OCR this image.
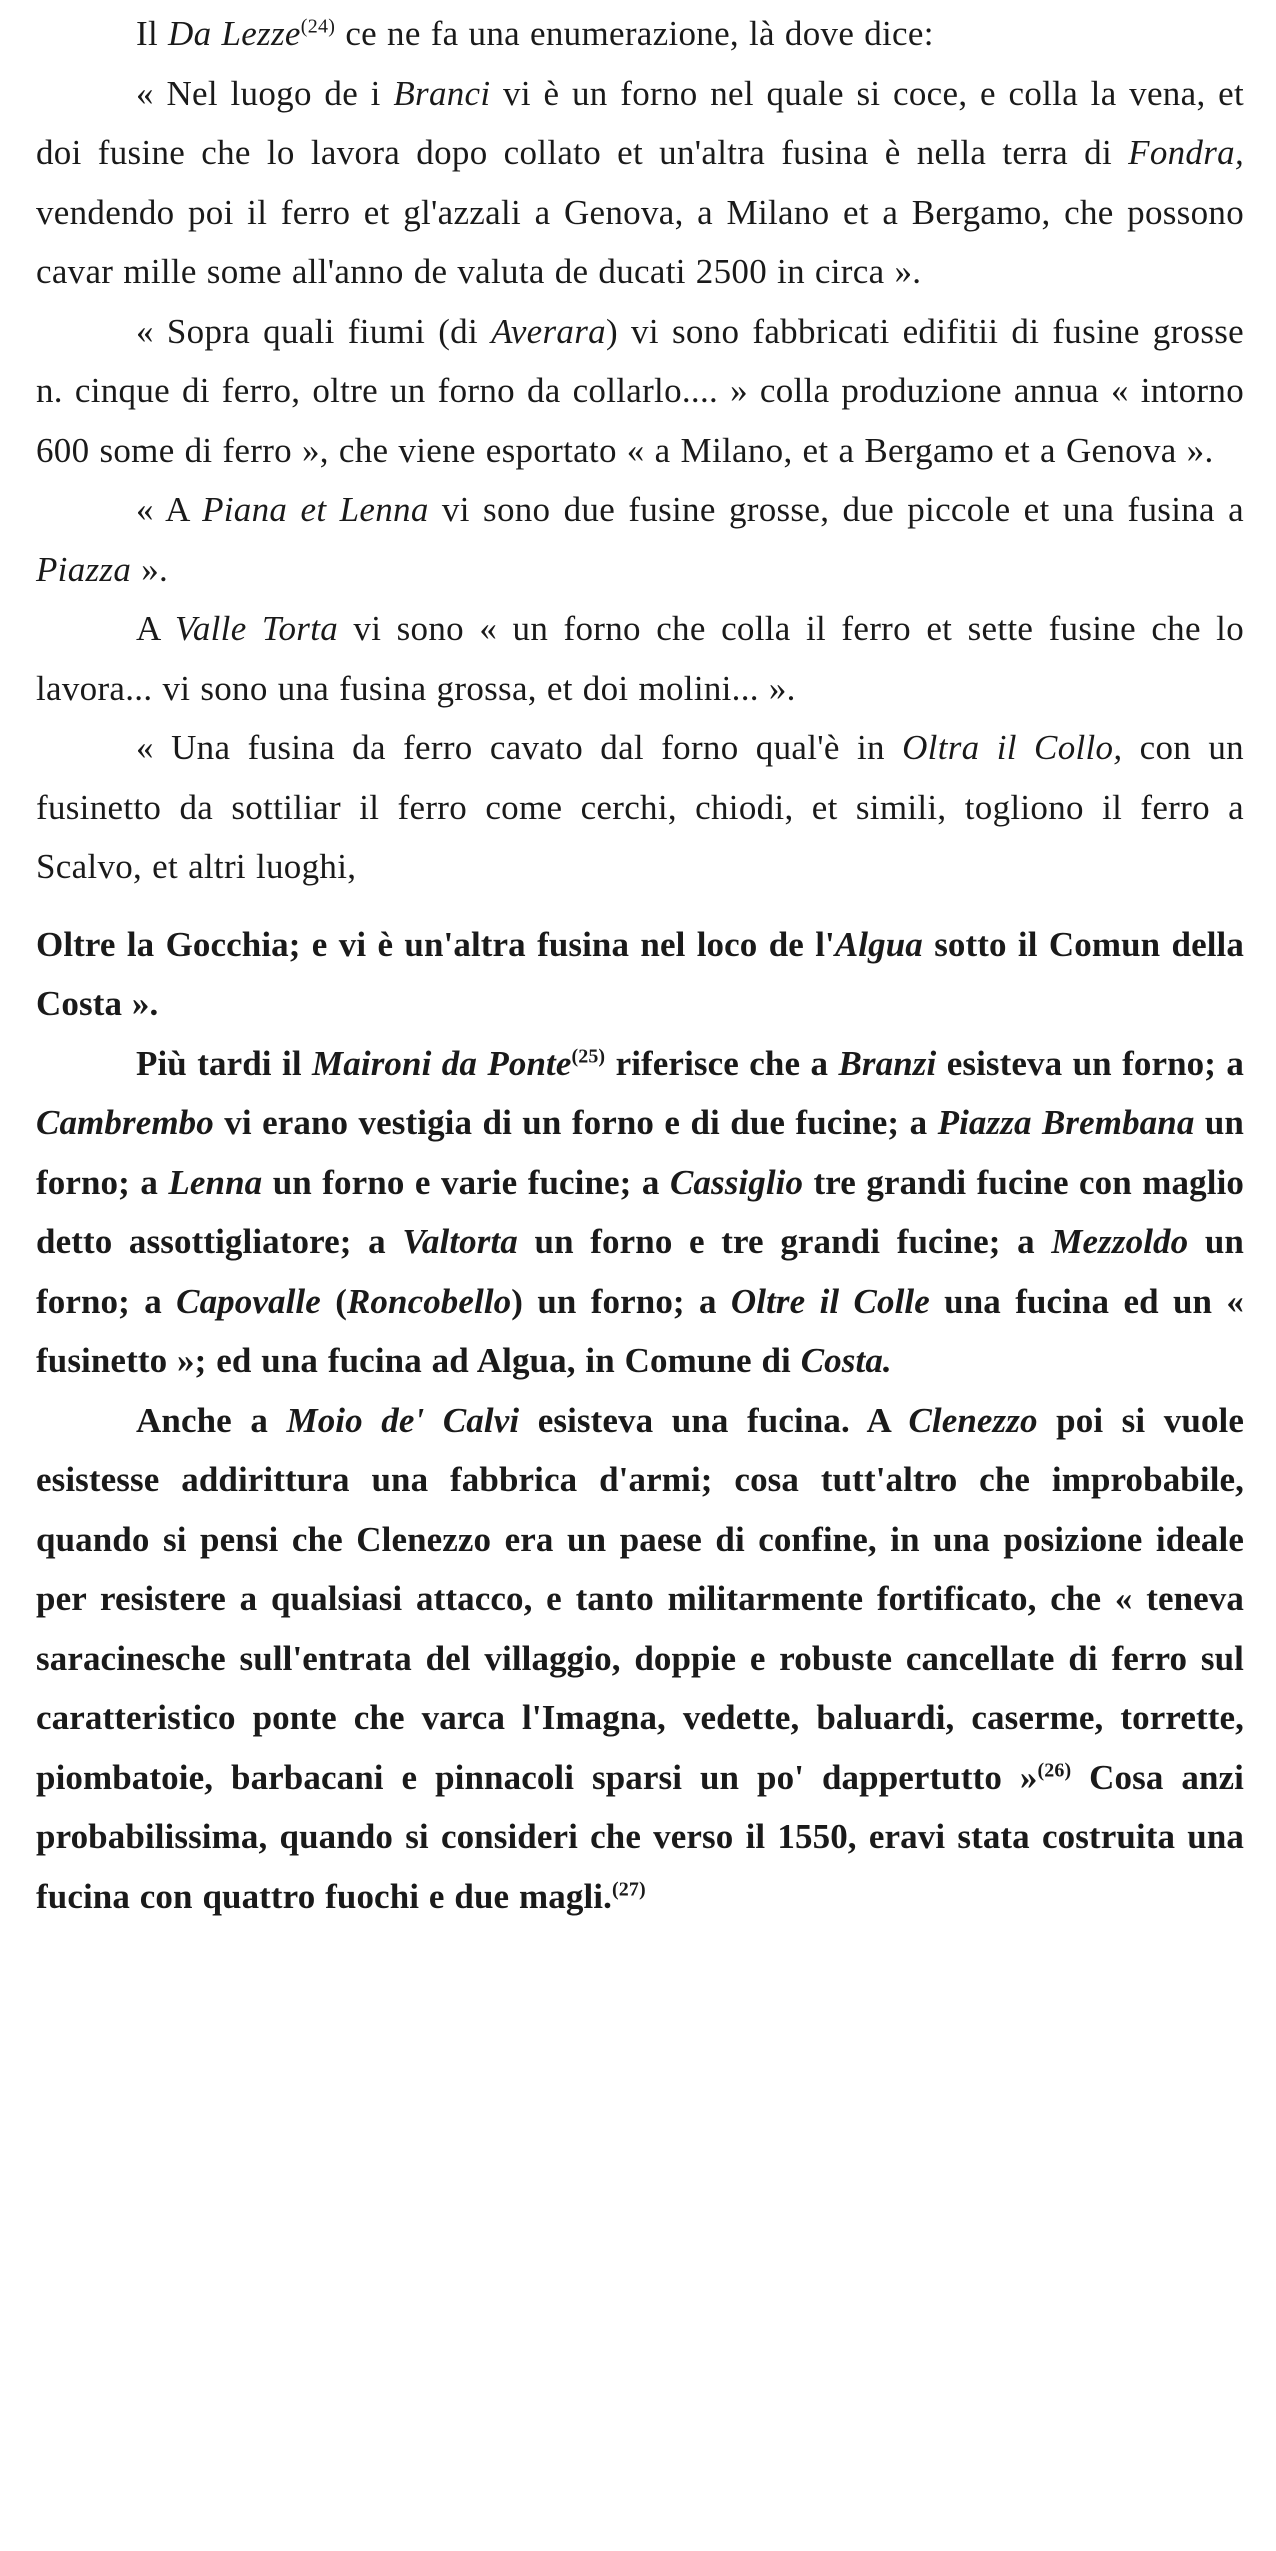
Il Da Lezze$^{(24)}$ ce ne fa una enumerazione, là dove dice:

« Nel luogo de i Branci vi è un forno nel quale si coce, e colla la vena, et doi fusine che lo lavora dopo collato et un'altra fusina è nella terra di Fondra, vendendo poi il ferro et gl'azzali a Genova, a Milano et a Bergamo, che possono cavar mille some all'anno de valuta de ducati 2500 in circa ».

« Sopra quali fiumi (di Averara) vi sono fabbricati edifitii di fusine grosse n. cinque di ferro, oltre un forno da collarlo.... » colla produzione annua « intorno 600 some di ferro », che viene esportato « a Milano, et a Bergamo et a Genova ».

« A Piana et Lenna vi sono due fusine grosse, due piccole et una fusina a Piazza ».

A Valle Torta vi sono « un forno che colla il ferro et sette fusine che lo lavora... vi sono una fusina grossa, et doi molini... ».

« Una fusina da ferro cavato dal forno qual'è in Oltra il Collo, con un fusinetto da sottiliar il ferro come cerchi, chiodi, et simili, togliono il ferro a Scalvo, et altri luoghi,

Oltre la Gocchia; e vi è un'altra fusina nel loco de l'Algua sotto il Comun della Costa ».

Più tardi il Maironi da Ponte$^{(25)}$ riferisce che a Branzi esisteva un forno; a Cambrembo vi erano vestigia di un forno e di due fucine; a Piazza Brembana un forno; a Lenna un forno e varie fucine; a Cassiglio tre grandi fucine con maglio detto assottigliatore; a Valtorta un forno e tre grandi fucine; a Mezzoldo un forno; a Capovalle (Roncobello) un forno; a Oltre il Colle una fucina ed un « fusinetto »; ed una fucina ad Algua, in Comune di Costa.

Anche a Moio de' Calvi esisteva una fucina. A Clenezzo poi si vuole esistesse addirittura una fabbrica d'armi; cosa tutt'altro che improbabile, quando si pensi che Clenezzo era un paese di confine, in una posizione ideale per resistere a qualsiasi attacco, e tanto militarmente fortificato, che « teneva saracinesche sull'entrata del villaggio, doppie e robuste cancellate di ferro sul caratteristico ponte che varca l'Imagna, vedette, baluardi, caserme, torrette, piombatoie, barbacani e pinnacoli sparsi un po' dappertutto »$^{(26)}$ Cosa anzi probabilissima, quando si consideri che verso il 1550, eravi stata costruita una fucina con quattro fuochi e due magli.$^{(27)}$
